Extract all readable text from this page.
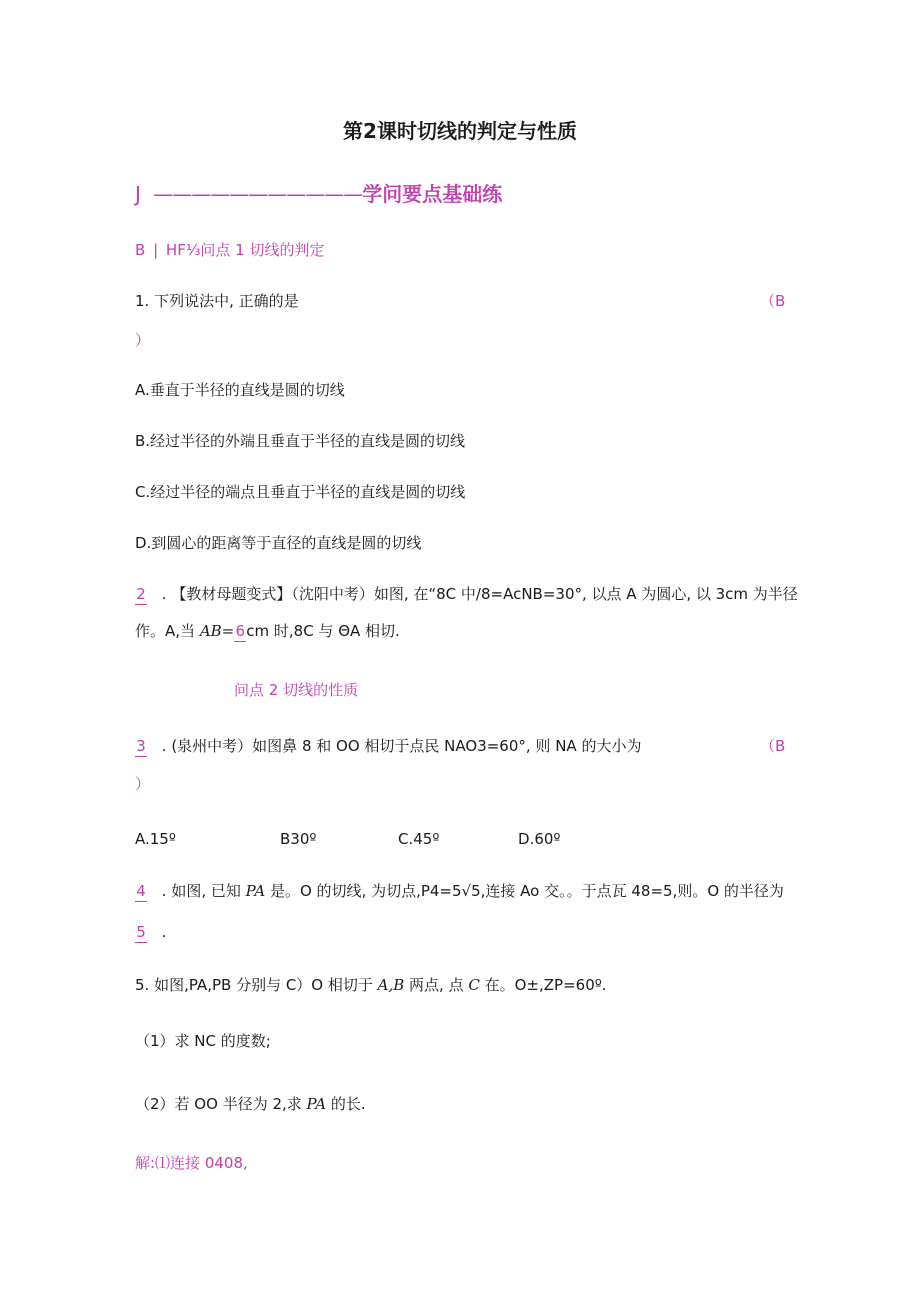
第2课时切线的判定与性质
J ———————————学问要点基础练
B | HF⅓问点 1 切线的判定
1. 下列说法中, 正确的是	（B
）
A.垂直于半径的直线是圆的切线
B.经过半径的外端且垂直于半径的直线是圆的切线
C.经过半径的端点且垂直于半径的直线是圆的切线
D.到圆心的距离等于直径的直线是圆的切线
2 . 【教材母题变式】（沈阳中考）如图, 在“8C 中/8=AcNB=30°, 以点 A 为圆心, 以 3cm 为半径
作。A,当 AB=6cm 时,8C 与 ΘA 相切.
问点 2 切线的性质
3 . (泉州中考）如图鼻 8 和 OO 相切于点民 NAO3=60°, 则 NA 的大小为	（B
）
A.15º	B30º	C.45º	D.60º
4 . 如图, 已知 PA 是。O 的切线, 为切点,P4=5√5,连接 Ao 交。。于点瓦 48=5,则。O 的半径为
5 .
5. 如图,PA,PB 分别与 C）O 相切于 A,B 两点, 点 C 在。O±,ZP=60º.
（1）求 NC 的度数;
（2）若 OO 半径为 2,求 PA 的长.
解:⑴连接 0408,
